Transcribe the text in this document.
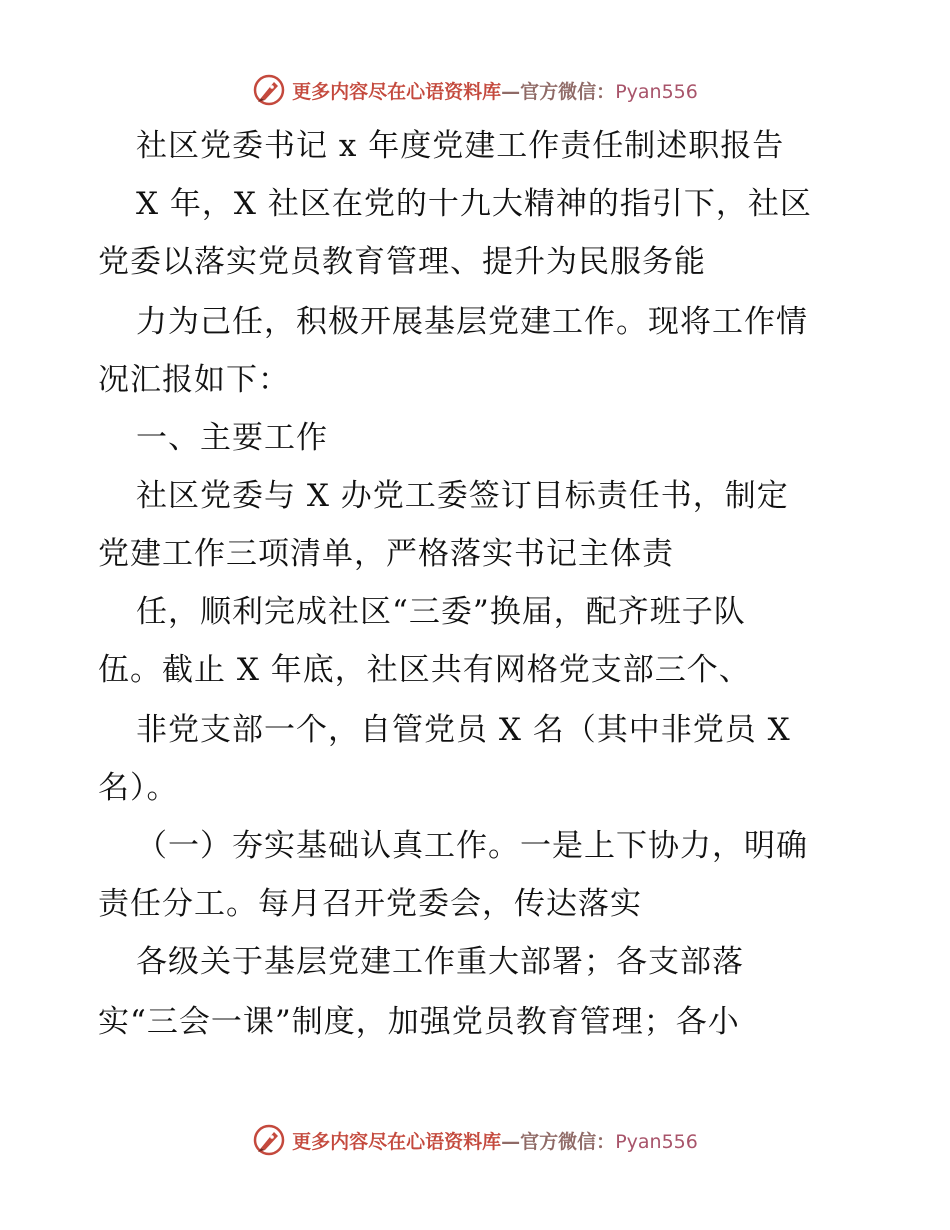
更多内容尽在心语资料库—官方微信：Pyan556
社区党委书记 x 年度党建工作责任制述职报告
X 年，X 社区在党的十九大精神的指引下，社区
党委以落实党员教育管理、提升为民服务能
力为己任，积极开展基层党建工作。现将工作情
况汇报如下：
一、主要工作
社区党委与 X 办党工委签订目标责任书，制定
党建工作三项清单，严格落实书记主体责
任，顺利完成社区“三委”换届，配齐班子队
伍。截止 X 年底，社区共有网格党支部三个、
非党支部一个，自管党员 X 名（其中非党员 X
名）。
（一）夯实基础认真工作。一是上下协力，明确
责任分工。每月召开党委会，传达落实
各级关于基层党建工作重大部署；各支部落
实“三会一课”制度，加强党员教育管理；各小
更多内容尽在心语资料库—官方微信：Pyan556
